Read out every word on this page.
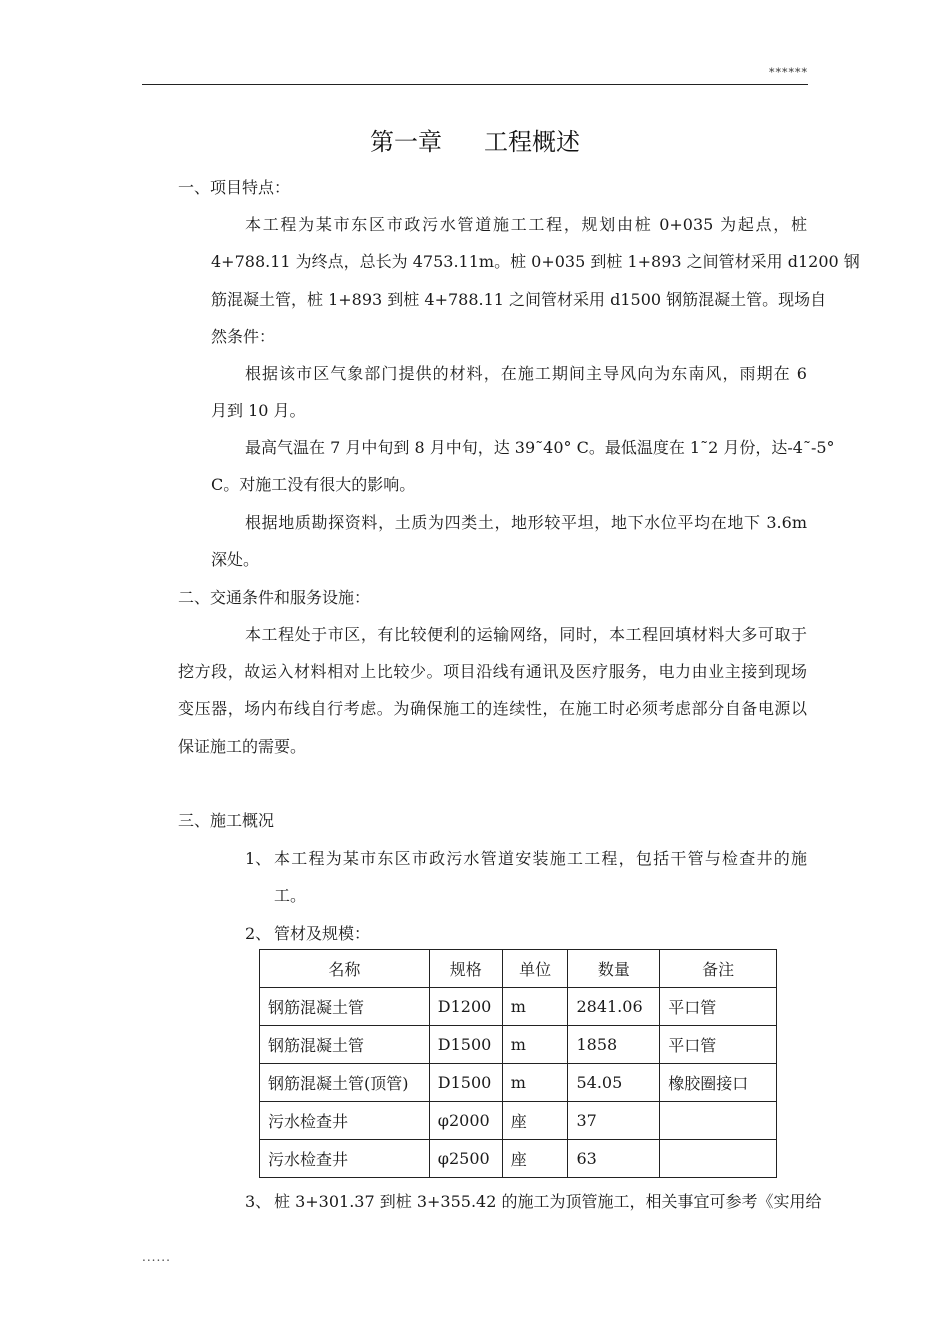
******
第一章 工程概述
一、项目特点：
本工程为某市东区市政污水管道施工工程，规划由桩 0+035 为起点，桩
4+788.11 为终点，总长为 4753.11m。桩 0+035 到桩 1+893 之间管材采用 d1200 钢
筋混凝土管，桩 1+893 到桩 4+788.11 之间管材采用 d1500 钢筋混凝土管。现场自
然条件：
根据该市区气象部门提供的材料，在施工期间主导风向为东南风，雨期在 6
月到 10 月。
最高气温在 7 月中旬到 8 月中旬，达 39˜40° C。最低温度在 1˜2 月份，达-4˜-5°
C。对施工没有很大的影响。
根据地质勘探资料，土质为四类土，地形较平坦，地下水位平均在地下 3.6m
深处。
二、交通条件和服务设施：
本工程处于市区，有比较便利的运输网络，同时，本工程回填材料大多可取于
挖方段，故运入材料相对上比较少。项目沿线有通讯及医疗服务，电力由业主接到现场
变压器，场内布线自行考虑。为确保施工的连续性，在施工时必须考虑部分自备电源以
保证施工的需要。
三、施工概况
1、 本工程为某市东区市政污水管道安装施工工程，包括干管与检查井的施
工。
2、 管材及规模：
名称	规格	单位	数量	备注
钢筋混凝土管	D1200	m	2841.06	平口管
钢筋混凝土管	D1500	m	1858	平口管
钢筋混凝土管(顶管)	D1500	m	54.05	橡胶圈接口
污水检查井	φ2000	座	37	
污水检查井	φ2500	座	63	
3、 桩 3+301.37 到桩 3+355.42 的施工为顶管施工，相关事宜可参考《实用给
......
